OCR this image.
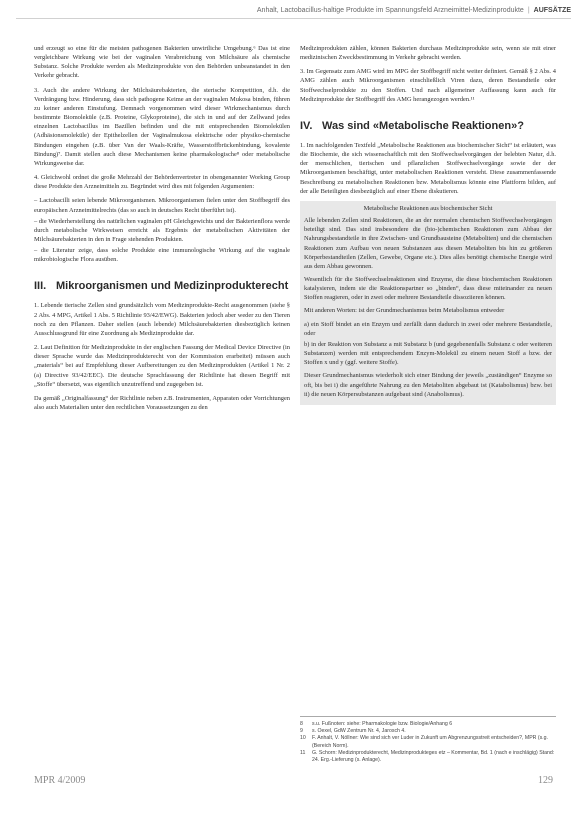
Anhalt, Lactobacillus-haltige Produkte im Spannungsfeld Arzneimittel-Medizinprodukte | AUFSÄTZE

und erzeugt so eine für die meisten pathogenen Bakterien unwirtliche Umgebung.⁶ Das ist eine vergleichbare Wirkung wie bei der vaginalen Verabreichung von Milchsäure als chemische Substanz. Solche Produkte werden als Medizinprodukte von den Behörden unbeanstandet in den Verkehr gebracht.

3. Auch die andere Wirkung der Milchsäurebakterien, die sterische Kompetition, d.h. die Verdrängung bzw. Hinderung, dass sich pathogene Keime an der vaginalen Mukosa binden, führen zu keiner anderen Einstufung. Demnach vorgenommen wird dieser Wirkmechanismus durch bestimmte Biomoleküle (z.B. Proteine, Glykoproteine), die sich in und auf der Zellwand jedes einzelnen Lactobacillus im Bazillen befinden und die mit entsprechenden Biomolekülen (Adhäsionsmoleküle) der Epithelzellen der Vaginalmukosa elektrische oder physiko-chemische Bindungen eingehen (z.B. über Van der Waals-Kräfte, Wasserstoffbrückenbindung, kovalente Bindung)⁷. Damit stellen auch diese Mechanismen keine pharmakologische⁸ oder metabolische Wirkungsweise dar.

4. Gleichwohl ordnet die große Mehrzahl der Behördenvertreter in obengenannter Working Group diese Produkte den Arzneimitteln zu. Begründet wird dies mit folgenden Argumenten:

– Lactobacilli seien lebende Mikroorganismen. Mikroorganismen fielen unter den Stoffbegriff des europäischen Arzneimittelrechts (das so auch in deutsches Recht überführt ist).

– die Wiederherstellung des natürlichen vaginalen pH Gleichgewichts und der Bakterienflora werde durch metabolische Wirkweisen erreicht als Ergebnis der metabolischen Aktivitäten der Milchsäurebakterien in den in Frage stehenden Produkten.

– die Literatur zeige, dass solche Produkte eine immunologische Wirkung auf die vaginale mikrobiologische Flora ausüben.

III. Mikroorganismen und Medizinprodukterecht

1. Lebende tierische Zellen sind grundsätzlich vom Medizinprodukte-Recht ausgenommen (siehe § 2 Abs. 4 MPG, Artikel 1 Abs. 5 Richtlinie 93/42/EWG). Bakterien jedoch aber weder zu den Tieren noch zu den Pflanzen. Daher stellen (auch lebende) Milchsäurebakterien diesbezüglich keinen Ausschlussgrund für eine Zuordnung als Medizinprodukte dar.

2. Laut Definition für Medizinprodukte in der englischen Fassung der Medical Device Directive (in dieser Sprache wurde das Medizinprodukterecht von der Kommission erarbeitet) müssen auch „materials“ bei auf Empfehlung dieser Aufbereitungen zu den Medizinprodukten (Artikel 1 Nr. 2 (a) Directive 93/42/EEC). Die deutsche Sprachfassung der Richtlinie hat diesen Begriff mit „Stoffe“ übersetzt, was eigentlich unzutreffend und zugegeben ist.

Da gemäß „Originalfassung“ der Richtlinie neben z.B. Instrumenten, Apparaten oder Vorrichtungen also auch Materialien unter den rechtlichen Voraussetzungen zu den

Medizinprodukten zählen, können Bakterien durchaus Medizinprodukte sein, wenn sie mit einer medizinischen Zweckbestimmung in Verkehr gebracht werden.

3. Im Gegensatz zum AMG wird im MPG der Stoffbegriff nicht weiter definiert. Gemäß § 2 Abs. 4 AMG zählen auch Mikroorganismen einschließlich Viren dazu, deren Bestandteile oder Stoffwechselprodukte zu den Stoffen. Und nach allgemeiner Auffassung kann auch für Medizinprodukte der Stoffbegriff des AMG herangezogen werden.¹¹

IV. Was sind «Metabolische Reaktionen»?

1. Im nachfolgenden Textfeld „Metabolische Reaktionen aus biochemischer Sicht“ ist erläutert, was die Biochemie, die sich wissenschaftlich mit den Stoffwechselvorgängen der belebten Natur, d.h. der menschlichen, tierischen und pflanzlichen Stoffwechselvorgänge sowie der der Mikroorganismen beschäftigt, unter metabolischen Reaktionen versteht. Diese zusammenfassende Beschreibung zu metabolischen Reaktionen bzw. Metabolismus könnte eine Plattform bilden, auf der alle Beteiligten diesbezüglich auf einer Ebene diskutieren.

Metabolische Reaktionen aus biochemischer Sicht

Alle lebenden Zellen sind Reaktionen, die an der normalen chemischen Stoffwechselvorgängen beteiligt sind. Das sind insbesondere die (bio-)chemischen Reaktionen zum Abbau der Nahrungsbestandteile in ihre Zwischen- und Grundbausteine (Metaboliten) und die chemischen Reaktionen zum Aufbau von neuen Substanzen aus diesen Metaboliten bis hin zu größeren Körperbestandteilen (Zellen, Gewebe, Organe etc.). Dies alles benötigt chemische Energie wird aus dem Abbau gewonnen.

Wesentlich für die Stoffwechselreaktionen sind Enzyme, die diese biochemischen Reaktionen katalysieren, indem sie die Reaktionspartner so „binden“, dass diese miteinander zu neuen Stoffen reagieren, oder in zwei oder mehrere Bestandteile dissoziieren können.

Mit anderen Worten: ist der Grundmechanismus beim Metabolismus entweder

a) ein Stoff bindet an ein Enzym und zerfällt dann dadurch in zwei oder mehrere Bestandteile, oder

b) in der Reaktion von Substanz a mit Substanz b (und gegebenenfalls Substanz c oder weiteren Substanzen) werden mit entsprechendem Enzym-Molekül zu einem neuen Stoff a bzw. der Stoffen x und y (ggf. weitere Stoffe).

Dieser Grundmechanismus wiederholt sich einer Bindung der jeweils „zuständigen“ Enzyme so oft, bis bei i) die angeführte Nahrung zu den Metaboliten abgebaut ist (Katabolismus) bzw. bei ii) die neuen Körpersubstanzen aufgebaut sind (Anabolismus).

8	s.u. Fußnoten: siehe: Pharmakologie bzw. Biologie/Anhang 6
9	s. Oexel, GdW Zentrum Nr. 4, Jarosch 4.
10	F. Anhalt, V. Nöllner: Wie sind sich ver Luder in Zukunft um Abgrenzungsstreit entscheiden?, MPR (s.g. (Bereich Norm).
11	G. Schorn: Medizinprodukterecht, Medizinprodukteges etz – Kommentar, Bd. 1 (nach e inschlägig) Stand: 24. Erg.-Lieferung (s. Anlage).
MPR 4/2009	129
